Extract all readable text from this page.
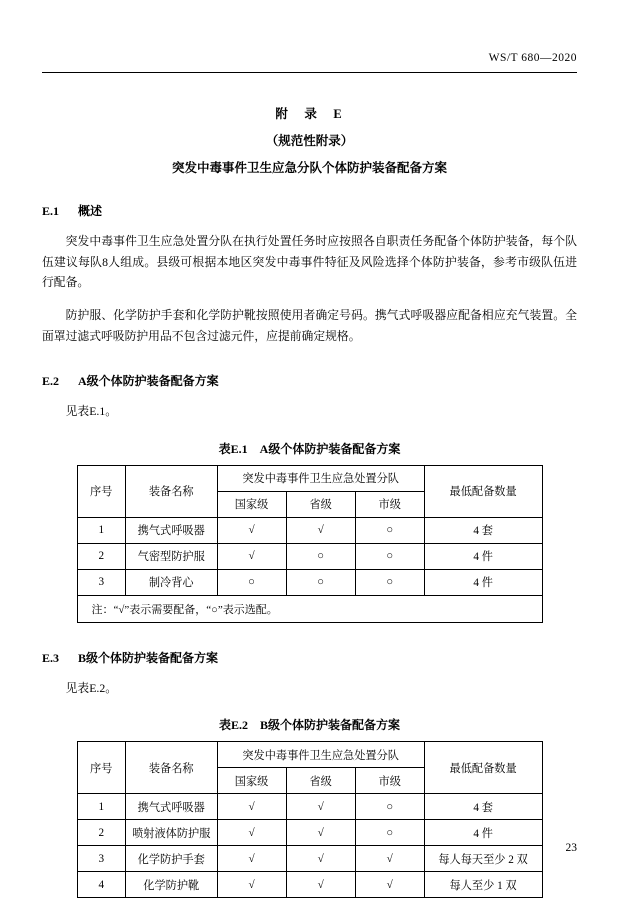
WS/T 680—2020
附　录　E
（规范性附录）
突发中毒事件卫生应急分队个体防护装备配备方案
E.1 概述

突发中毒事件卫生应急处置分队在执行处置任务时应按照各自职责任务配备个体防护装备，每个队伍建议每队8人组成。县级可根据本地区突发中毒事件特征及风险选择个体防护装备，参考市级队伍进行配备。

防护服、化学防护手套和化学防护靴按照使用者确定号码。携气式呼吸器应配备相应充气装置。全面罩过滤式呼吸防护用品不包含过滤元件，应提前确定规格。

E.2 A级个体防护装备配备方案

见表E.1。

表E.1　A级个体防护装备配备方案
序号	装备名称	突发中毒事件卫生应急处置分队			最低配备数量
		国家级	省级	市级	
1	携气式呼吸器	√	√	○	4 套
2	气密型防护服	√	○	○	4 件
3	制冷背心	○	○	○	4 件
注：“√”表示需要配备，“○”表示选配。					
E.3 B级个体防护装备配备方案

见表E.2。

表E.2　B级个体防护装备配备方案
序号	装备名称	突发中毒事件卫生应急处置分队			最低配备数量
		国家级	省级	市级	
1	携气式呼吸器	√	√	○	4 套
2	喷射液体防护服	√	√	○	4 件
3	化学防护手套	√	√	√	每人每天至少 2 双
4	化学防护靴	√	√	√	每人至少 1 双
23
